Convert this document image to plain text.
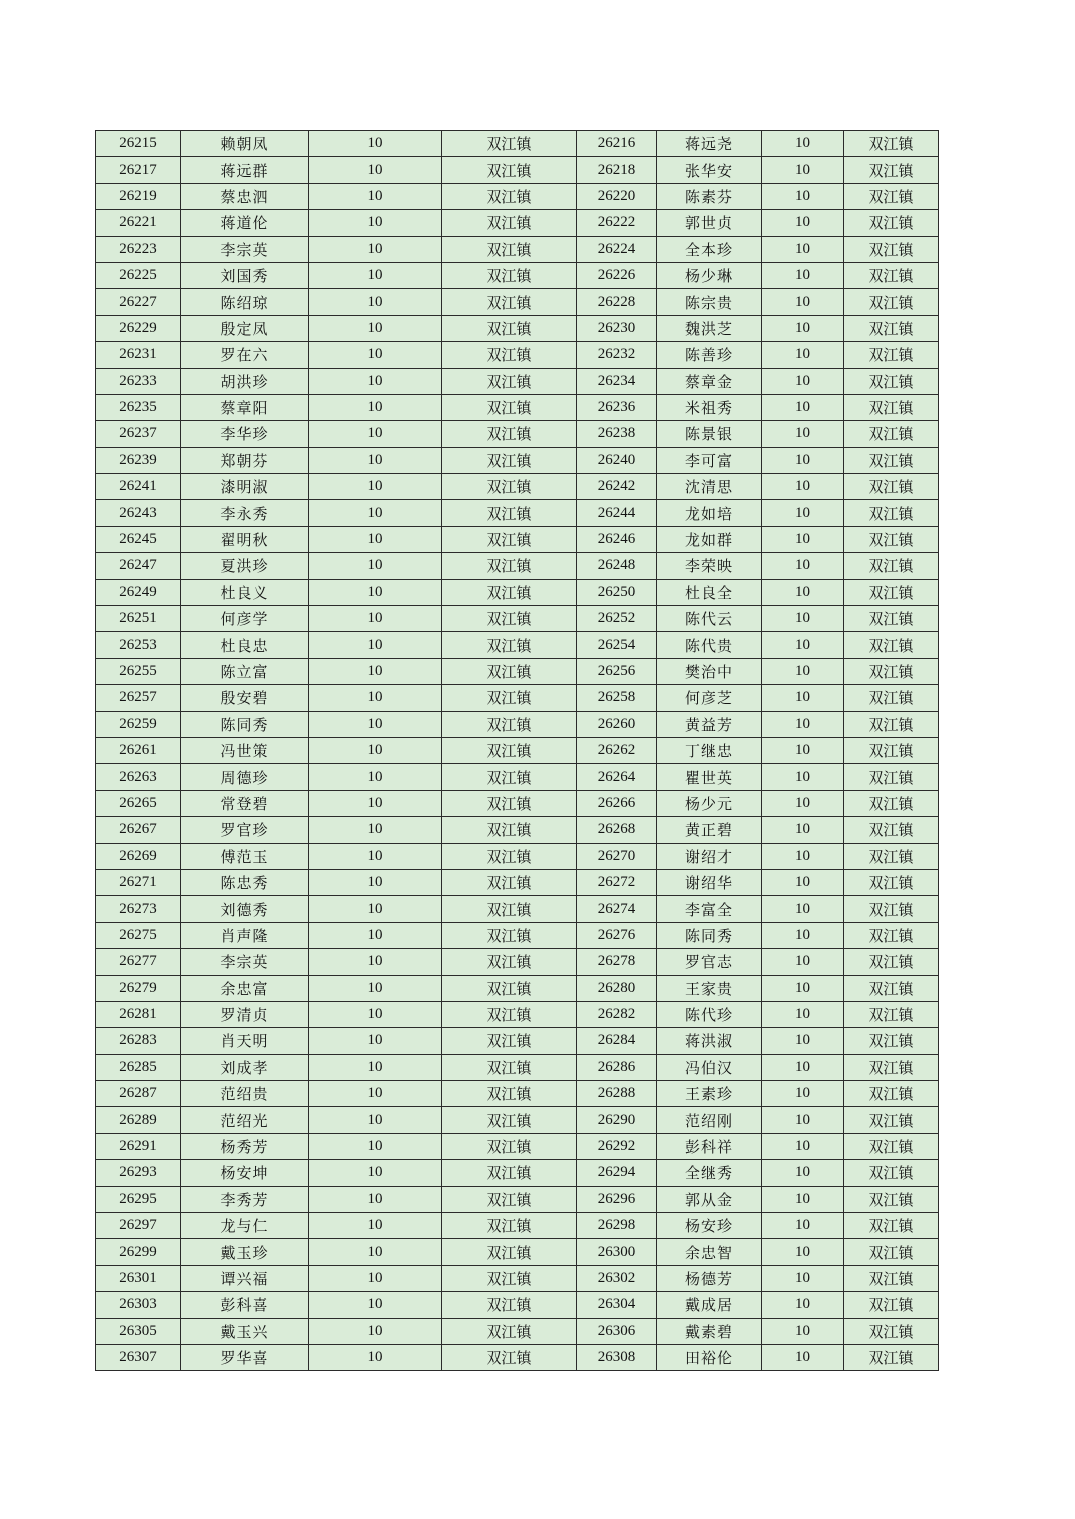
26215	赖朝凤	10	双江镇	26216	蒋远尧	10	双江镇
26217	蒋远群	10	双江镇	26218	张华安	10	双江镇
26219	蔡忠泗	10	双江镇	26220	陈素芬	10	双江镇
26221	蒋道伦	10	双江镇	26222	郭世贞	10	双江镇
26223	李宗英	10	双江镇	26224	全本珍	10	双江镇
26225	刘国秀	10	双江镇	26226	杨少琳	10	双江镇
26227	陈绍琼	10	双江镇	26228	陈宗贵	10	双江镇
26229	殷定凤	10	双江镇	26230	魏洪芝	10	双江镇
26231	罗在六	10	双江镇	26232	陈善珍	10	双江镇
26233	胡洪珍	10	双江镇	26234	蔡章金	10	双江镇
26235	蔡章阳	10	双江镇	26236	米祖秀	10	双江镇
26237	李华珍	10	双江镇	26238	陈景银	10	双江镇
26239	郑朝芬	10	双江镇	26240	李可富	10	双江镇
26241	漆明淑	10	双江镇	26242	沈清思	10	双江镇
26243	李永秀	10	双江镇	26244	龙如培	10	双江镇
26245	翟明秋	10	双江镇	26246	龙如群	10	双江镇
26247	夏洪珍	10	双江镇	26248	李荣映	10	双江镇
26249	杜良义	10	双江镇	26250	杜良全	10	双江镇
26251	何彦学	10	双江镇	26252	陈代云	10	双江镇
26253	杜良忠	10	双江镇	26254	陈代贵	10	双江镇
26255	陈立富	10	双江镇	26256	樊治中	10	双江镇
26257	殷安碧	10	双江镇	26258	何彦芝	10	双江镇
26259	陈同秀	10	双江镇	26260	黄益芳	10	双江镇
26261	冯世策	10	双江镇	26262	丁继忠	10	双江镇
26263	周德珍	10	双江镇	26264	瞿世英	10	双江镇
26265	常登碧	10	双江镇	26266	杨少元	10	双江镇
26267	罗官珍	10	双江镇	26268	黄正碧	10	双江镇
26269	傅范玉	10	双江镇	26270	谢绍才	10	双江镇
26271	陈忠秀	10	双江镇	26272	谢绍华	10	双江镇
26273	刘德秀	10	双江镇	26274	李富全	10	双江镇
26275	肖声隆	10	双江镇	26276	陈同秀	10	双江镇
26277	李宗英	10	双江镇	26278	罗官志	10	双江镇
26279	余忠富	10	双江镇	26280	王家贵	10	双江镇
26281	罗清贞	10	双江镇	26282	陈代珍	10	双江镇
26283	肖天明	10	双江镇	26284	蒋洪淑	10	双江镇
26285	刘成孝	10	双江镇	26286	冯伯汉	10	双江镇
26287	范绍贵	10	双江镇	26288	王素珍	10	双江镇
26289	范绍光	10	双江镇	26290	范绍刚	10	双江镇
26291	杨秀芳	10	双江镇	26292	彭科祥	10	双江镇
26293	杨安坤	10	双江镇	26294	全继秀	10	双江镇
26295	李秀芳	10	双江镇	26296	郭从金	10	双江镇
26297	龙与仁	10	双江镇	26298	杨安珍	10	双江镇
26299	戴玉珍	10	双江镇	26300	余忠智	10	双江镇
26301	谭兴福	10	双江镇	26302	杨德芳	10	双江镇
26303	彭科喜	10	双江镇	26304	戴成居	10	双江镇
26305	戴玉兴	10	双江镇	26306	戴素碧	10	双江镇
26307	罗华喜	10	双江镇	26308	田裕伦	10	双江镇
